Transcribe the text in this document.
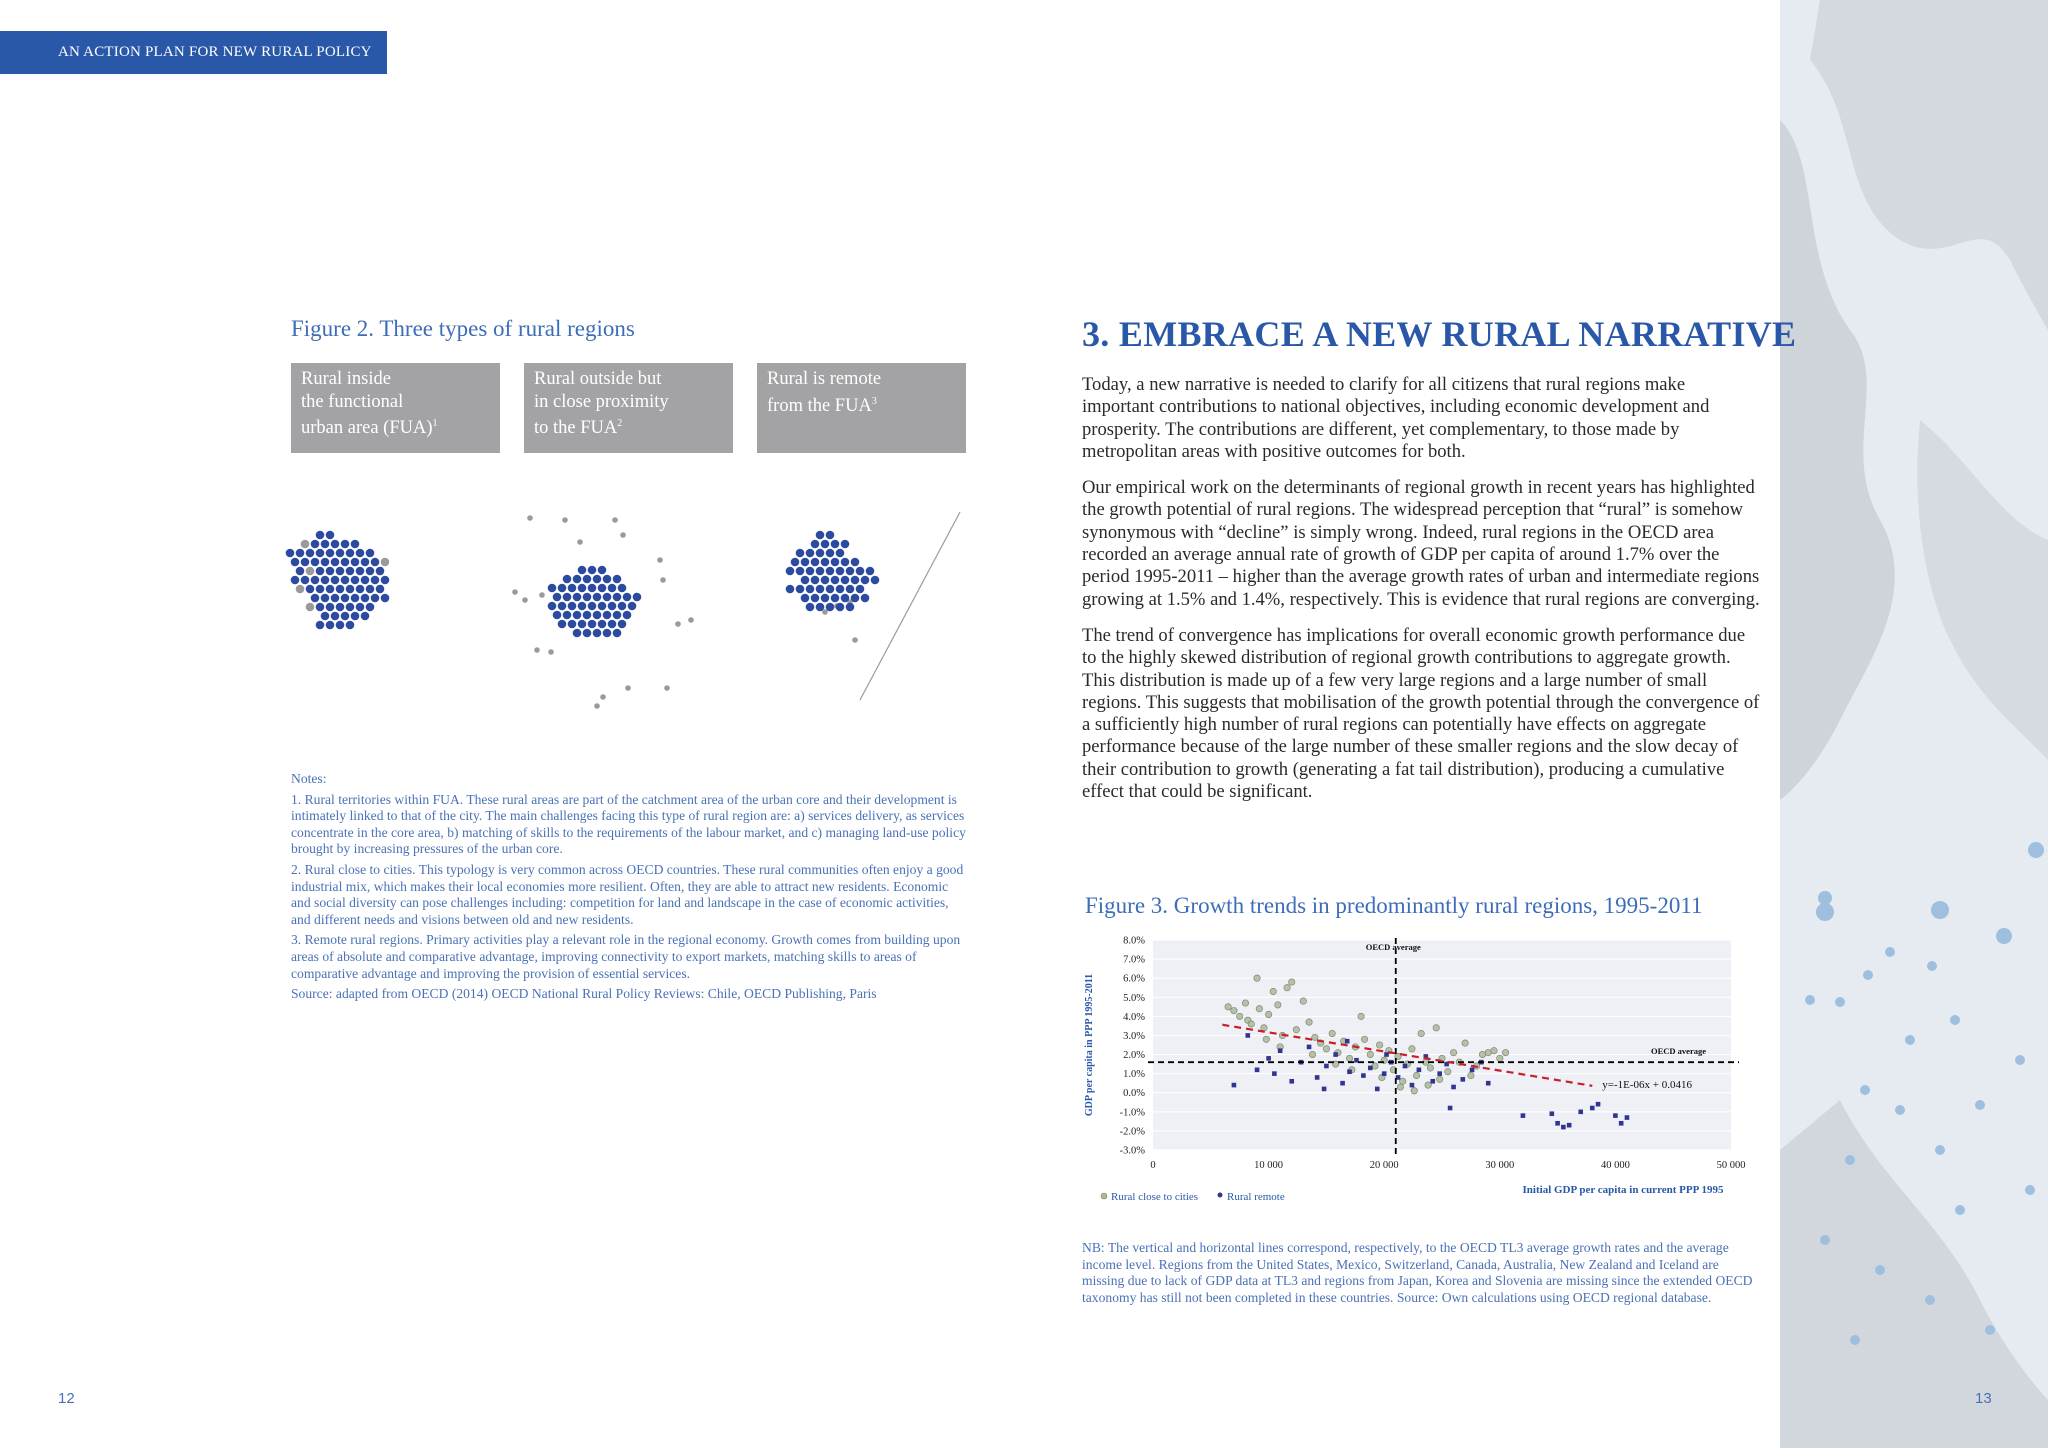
AN ACTION PLAN FOR NEW RURAL POLICY
Figure 2. Three types of rural regions
Rural inside
the functional
urban area (FUA)$^1$
Rural outside but
in close proximity
to the FUA$^2$
Rural is remote
from the FUA$^3$

Notes:

1. Rural territories within FUA. These rural areas are part of the catchment area of the urban core and their development is intimately linked to that of the city. The main challenges facing this type of rural region are: a) services delivery, as services concentrate in the core area, b) matching of skills to the requirements of the labour market, and c) managing land-use policy brought by increasing pressures of the urban core.

2. Rural close to cities. This typology is very common across OECD countries. These rural communities often enjoy a good industrial mix, which makes their local economies more resilient. Often, they are able to attract new residents. Economic and social diversity can pose challenges including: competition for land and landscape in the case of economic activities, and different needs and visions between old and new residents.

3. Remote rural regions. Primary activities play a relevant role in the regional economy. Growth comes from building upon areas of absolute and comparative advantage, improving connectivity to export markets, matching skills to areas of comparative advantage and improving the provision of essential services.

Source: adapted from OECD (2014) OECD National Rural Policy Reviews: Chile, OECD Publishing, Paris

3. EMBRACE A NEW RURAL NARRATIVE

Today, a new narrative is needed to clarify for all citizens that rural regions make important contributions to national objectives, including economic development and prosperity. The contributions are different, yet complementary, to those made by metropolitan areas with positive outcomes for both.

Our empirical work on the determinants of regional growth in recent years has highlighted the growth potential of rural regions. The widespread perception that “rural” is somehow synonymous with “decline” is simply wrong. Indeed, rural regions in the OECD area recorded an average annual rate of growth of GDP per capita of around 1.7% over the period 1995-2011 – higher than the average growth rates of urban and intermediate regions growing at 1.5% and 1.4%, respectively. This is evidence that rural regions are converging.

The trend of convergence has implications for overall economic growth performance due to the highly skewed distribution of regional growth contributions to aggregate growth. This distribution is made up of a few very large regions and a large number of small regions. This suggests that mobilisation of the growth potential through the convergence of a sufficiently high number of rural regions can potentially have effects on aggregate performance because of the large number of these smaller regions and the slow decay of their contribution to growth (generating a fat tail distribution), producing a cumulative effect that could be significant.

Figure 3. Growth trends in predominantly rural regions, 1995-2011
-3.0%
-2.0%
-1.0%
0.0%
1.0%
2.0%
3.0%
4.0%
5.0%
6.0%
7.0%
8.0%
0	10 000	20 000	30 000	40 000	50 000
OECD average
OECD average
y=-1E-06x + 0.0416
GDP per capita in PPP 1995-2011
Initial GDP per capita in current PPP 1995
Rural close to cities	Rural remote
NB: The vertical and horizontal lines correspond, respectively, to the OECD TL3 average growth rates and the average income level. Regions from the United States, Mexico, Switzerland, Canada, Australia, New Zealand and Iceland are missing due to lack of GDP data at TL3 and regions from Japan, Korea and Slovenia are missing since the extended OECD taxonomy has still not been completed in these countries. Source: Own calculations using OECD regional database.
12	13
